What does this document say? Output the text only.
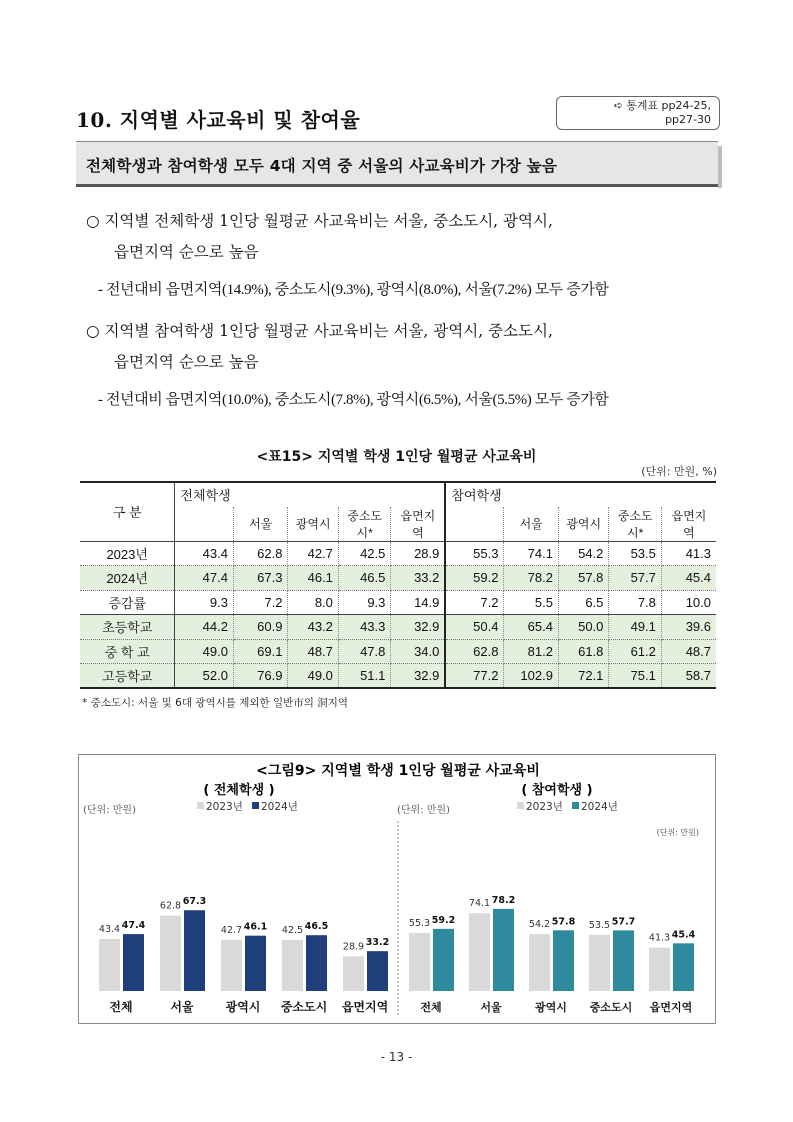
10. 지역별 사교육비 및 참여율
➪ 통계표 pp24-25,
pp27-30
전체학생과 참여학생 모두 4대 지역 중 서울의 사교육비가 가장 높음
○ 지역별 전체학생 1인당 월평균 사교육비는 서울, 중소도시, 광역시,
읍면지역 순으로 높음
- 전년대비 읍면지역(14.9%), 중소도시(9.3%), 광역시(8.0%), 서울(7.2%) 모두 증가함
○ 지역별 참여학생 1인당 월평균 사교육비는 서울, 광역시, 중소도시,
읍면지역 순으로 높음
- 전년대비 읍면지역(10.0%), 중소도시(7.8%), 광역시(6.5%), 서울(5.5%) 모두 증가함
<표15> 지역별 학생 1인당 월평균 사교육비
(단위: 만원, %)
구 분	전체학생					참여학생				
		서울	광역시	중소도시*	읍면지역		서울	광역시	중소도시*	읍면지역
2023년	43.4	62.8	42.7	42.5	28.9	55.3	74.1	54.2	53.5	41.3
2024년	47.4	67.3	46.1	46.5	33.2	59.2	78.2	57.8	57.7	45.4
증감률	9.3	7.2	8.0	9.3	14.9	7.2	5.5	6.5	7.8	10.0
초등학교	44.2	60.9	43.2	43.3	32.9	50.4	65.4	50.0	49.1	39.6
중 학 교	49.0	69.1	48.7	47.8	34.0	62.8	81.2	61.8	61.2	48.7
고등학교	52.0	76.9	49.0	51.1	32.9	77.2	102.9	72.1	75.1	58.7
* 중소도시: 서울 및 6대 광역시를 제외한 일반市의 洞지역
<그림9> 지역별 학생 1인당 월평균 사교육비
( 전체학생 )
(단위: 만원)	2023년 2024년
43.4 47.4
전체
62.8 67.3
서울
42.7 46.1
광역시
42.5 46.5
중소도시
28.9 33.2
읍면지역
( 참여학생 )
(단위: 만원)
(단위: 만원)
2023년 2024년
55.3 59.2
전체
74.1 78.2
서울
54.2 57.8
광역시
53.5 57.7
중소도시
41.3 45.4
읍면지역
- 13 -
